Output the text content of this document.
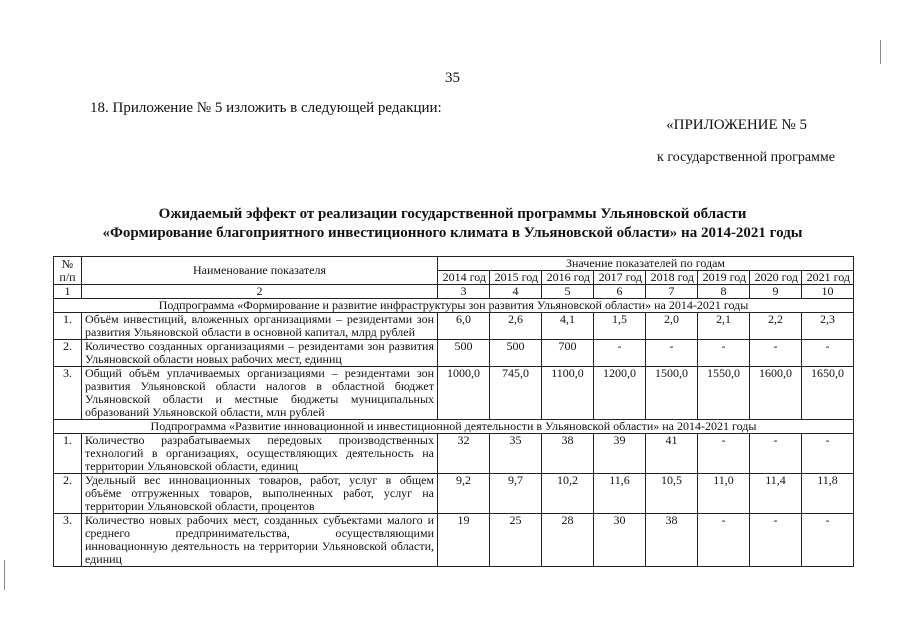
35
18. Приложение № 5 изложить в следующей редакции:
«ПРИЛОЖЕНИЕ № 5
к государственной программе
Ожидаемый эффект от реализации государственной программы Ульяновской области
«Формирование благоприятного инвестиционного климата в Ульяновской области» на 2014-2021 годы
№ п/п	Наименование показателя	Значение показателей по годам							
		2014 год	2015 год	2016 год	2017 год	2018 год	2019 год	2020 год	2021 год
1	2	3	4	5	6	7	8	9	10
Подпрограмма «Формирование и развитие инфраструктуры зон развития Ульяновской области» на 2014-2021 годы									
1.	Объём инвестиций, вложенных организациями – резидентами зон развития Ульяновской области в основной капитал, млрд рублей	6,0	2,6	4,1	1,5	2,0	2,1	2,2	2,3
2.	Количество созданных организациями – резидентами зон развития Ульяновской области новых рабочих мест, единиц	500	500	700	-	-	-	-	-
3.	Общий объём уплачиваемых организациями – резидентами зон развития Ульяновской области налогов в областной бюджет Ульяновской области и местные бюджеты муниципальных образований Ульяновской области, млн рублей	1000,0	745,0	1100,0	1200,0	1500,0	1550,0	1600,0	1650,0
Подпрограмма «Развитие инновационной и инвестиционной деятельности в Ульяновской области» на 2014-2021 годы									
1.	Количество разрабатываемых передовых производственных технологий в организациях, осуществляющих деятельность на территории Ульяновской области, единиц	32	35	38	39	41	-	-	-
2.	Удельный вес инновационных товаров, работ, услуг в общем объёме отгруженных товаров, выполненных работ, услуг на территории Ульяновской области, процентов	9,2	9,7	10,2	11,6	10,5	11,0	11,4	11,8
3.	Количество новых рабочих мест, созданных субъектами малого и среднего предпринимательства, осуществляющими инновационную деятельность на территории Ульяновской области, единиц	19	25	28	30	38	-	-	-
